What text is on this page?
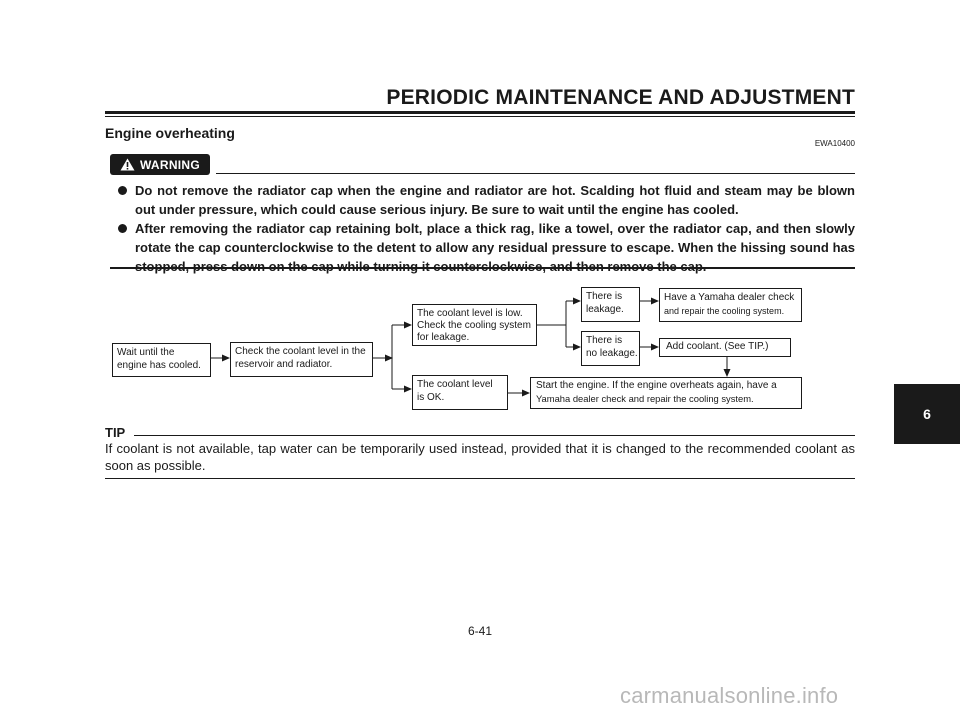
PERIODIC MAINTENANCE AND ADJUSTMENT
Engine overheating
EWA10400
WARNING
Do not remove the radiator cap when the engine and radiator are hot. Scalding hot fluid and steam may be blown out under pressure, which could cause serious injury. Be sure to wait until the engine has cooled.
After removing the radiator cap retaining bolt, place a thick rag, like a towel, over the radiator cap, and then slowly rotate the cap counterclockwise to the detent to allow any residual pressure to escape. When the hissing sound has
Wait until the
engine has cooled.
Check the coolant level in the
reservoir and radiator.
The coolant level is low.
Check the cooling system
for leakage.
The coolant level
is OK.
There is
leakage.
There is
no leakage.
Have a Yamaha dealer check
and repair the cooling system.
Add coolant. (See TIP.)
Start the engine. If the engine overheats again, have a
Yamaha dealer check and repair the cooling system.
TIP
If coolant is not available, tap water can be temporarily used instead, provided that it is changed to the recommended coolant as soon as possible.
6
6-41
carmanualsonline.info
